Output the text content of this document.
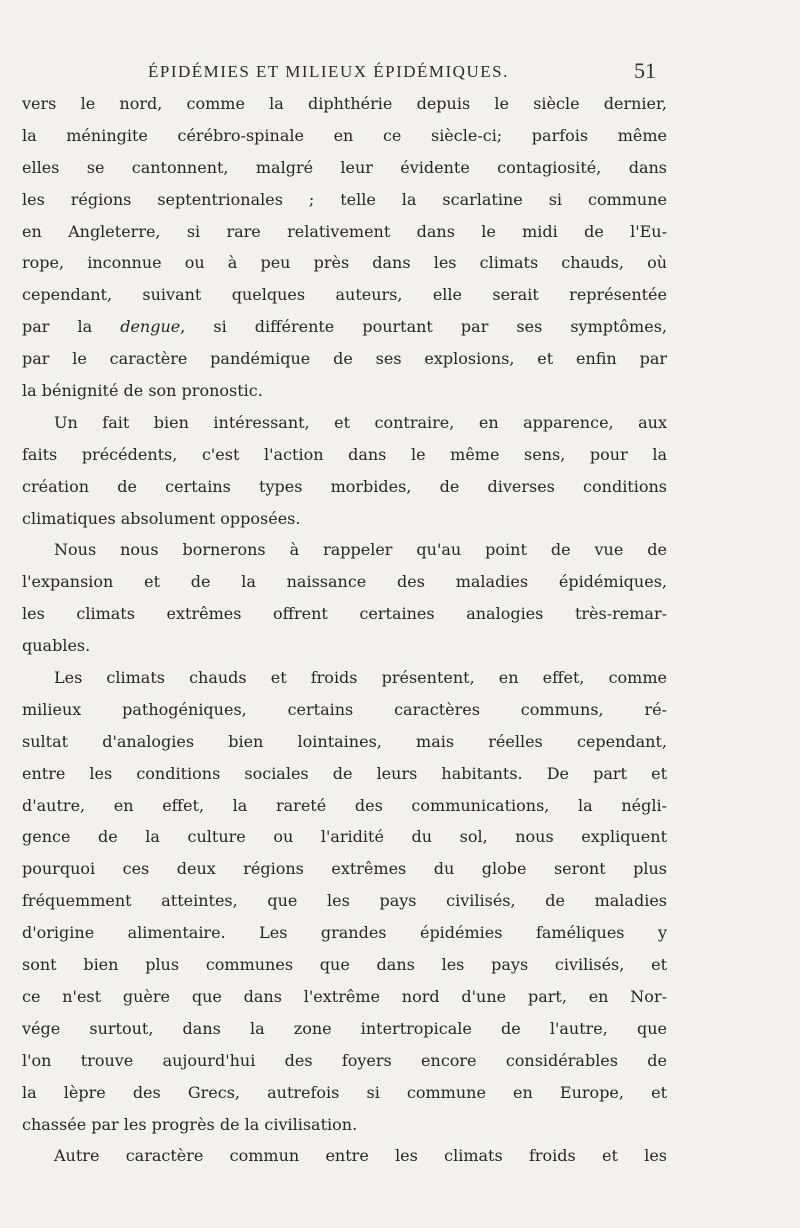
ÉPIDÉMIES ET MILIEUX ÉPIDÉMIQUES.	51
vers le nord, comme la diphthérie depuis le siècle dernier,
la méningite cérébro-spinale en ce siècle-ci; parfois même
elles se cantonnent, malgré leur évidente contagiosité, dans
les régions septentrionales ; telle la scarlatine si commune
en Angleterre, si rare relativement dans le midi de l'Eu-
rope, inconnue ou à peu près dans les climats chauds, où
cependant, suivant quelques auteurs, elle serait représentée
par la dengue, si différente pourtant par ses symptômes,
par le caractère pandémique de ses explosions, et enfin par
la bénignité de son pronostic.
Un fait bien intéressant, et contraire, en apparence, aux
faits précédents, c'est l'action dans le même sens, pour la
création de certains types morbides, de diverses conditions
climatiques absolument opposées.
Nous nous bornerons à rappeler qu'au point de vue de
l'expansion et de la naissance des maladies épidémiques,
les climats extrêmes offrent certaines analogies très-remar-
quables.
Les climats chauds et froids présentent, en effet, comme
milieux pathogéniques, certains caractères communs, ré-
sultat d'analogies bien lointaines, mais réelles cependant,
entre les conditions sociales de leurs habitants. De part et
d'autre, en effet, la rareté des communications, la négli-
gence de la culture ou l'aridité du sol, nous expliquent
pourquoi ces deux régions extrêmes du globe seront plus
fréquemment atteintes, que les pays civilisés, de maladies
d'origine alimentaire. Les grandes épidémies faméliques y
sont bien plus communes que dans les pays civilisés, et
ce n'est guère que dans l'extrême nord d'une part, en Nor-
vége surtout, dans la zone intertropicale de l'autre, que
l'on trouve aujourd'hui des foyers encore considérables de
la lèpre des Grecs, autrefois si commune en Europe, et
chassée par les progrès de la civilisation.
Autre caractère commun entre les climats froids et les
